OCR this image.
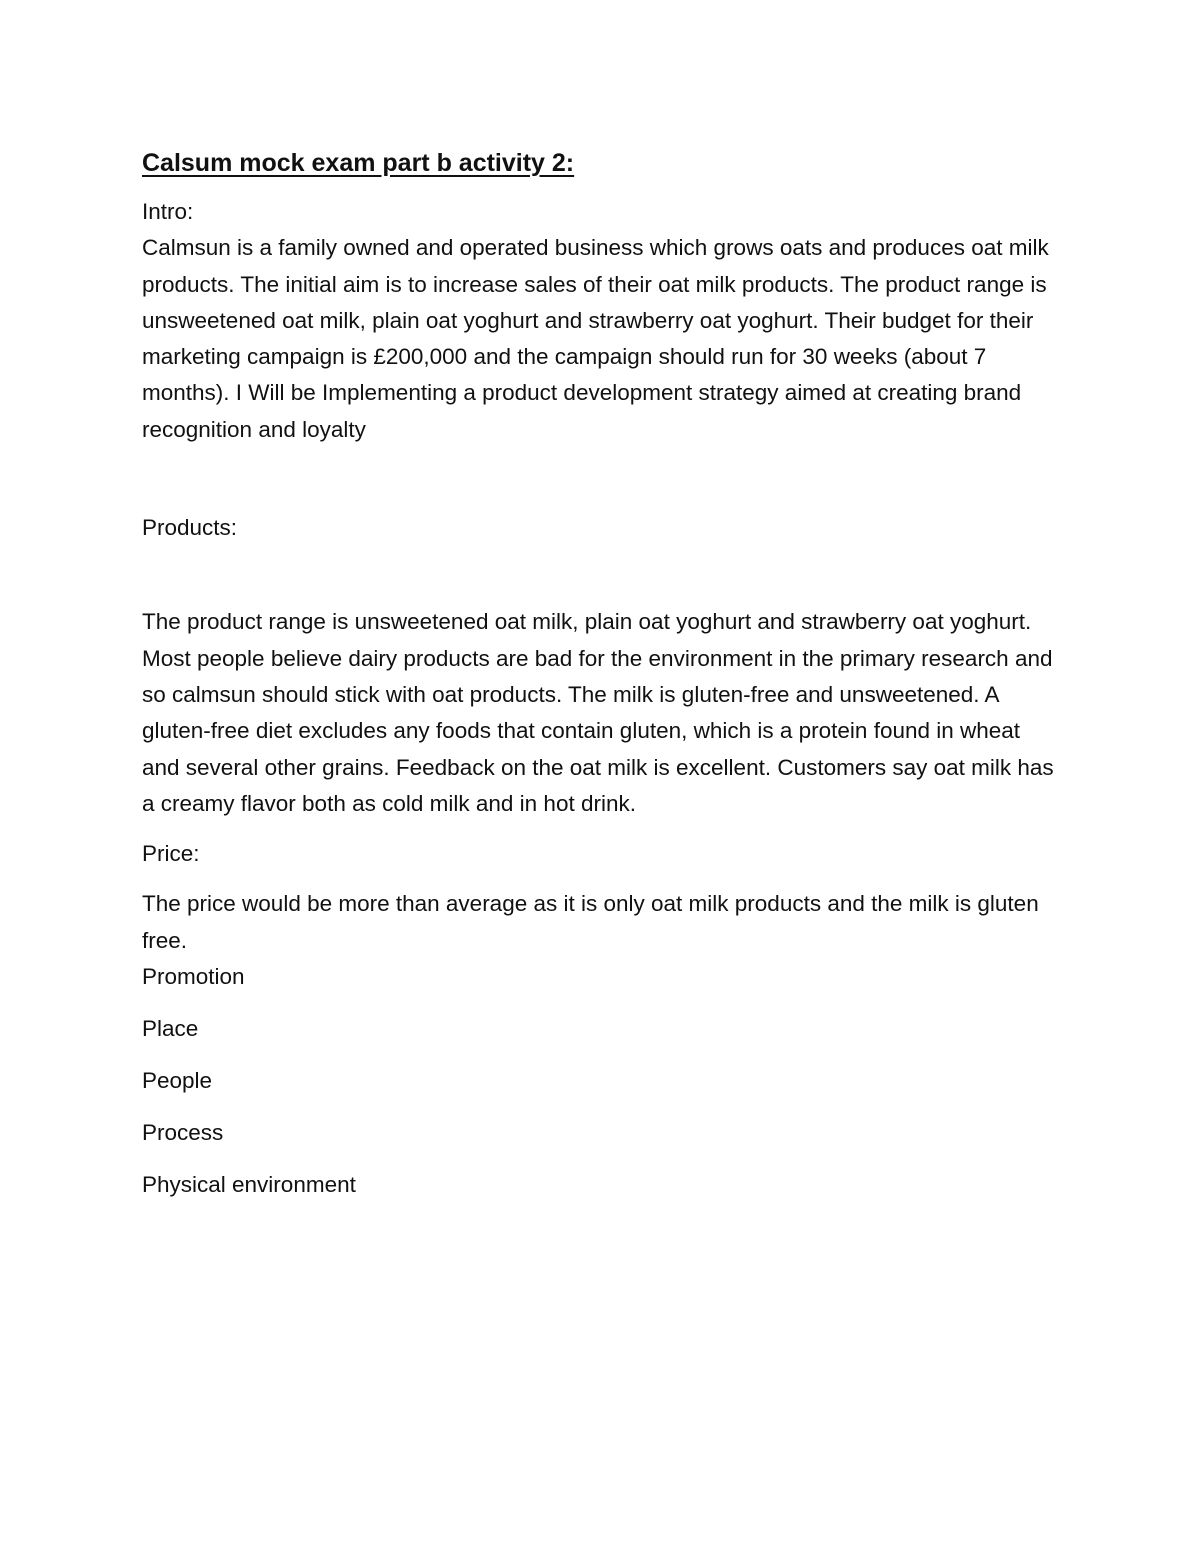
Calsum mock exam part b activity 2:

Intro:

Calmsun is a family owned and operated business which grows oats and produces oat milk products. The initial aim is to increase sales of their oat milk products. The product range is unsweetened oat milk, plain oat yoghurt and strawberry oat yoghurt. Their budget for their marketing campaign is £200,000 and the campaign should run for 30 weeks (about 7 months). I Will be Implementing a product development strategy aimed at creating brand recognition and loyalty

Products:

The product range is unsweetened oat milk, plain oat yoghurt and strawberry oat yoghurt. Most people believe dairy products are bad for the environment in the primary research and so calmsun should stick with oat products. The milk is gluten-free and unsweetened. A gluten-free diet excludes any foods that contain gluten, which is a protein found in wheat and several other grains. Feedback on the oat milk is excellent. Customers say oat milk has a creamy flavor both as cold milk and in hot drink.

Price:

The price would be more than average as it is only oat milk products and the milk is gluten free.

Promotion

Place

People

Process

Physical environment
